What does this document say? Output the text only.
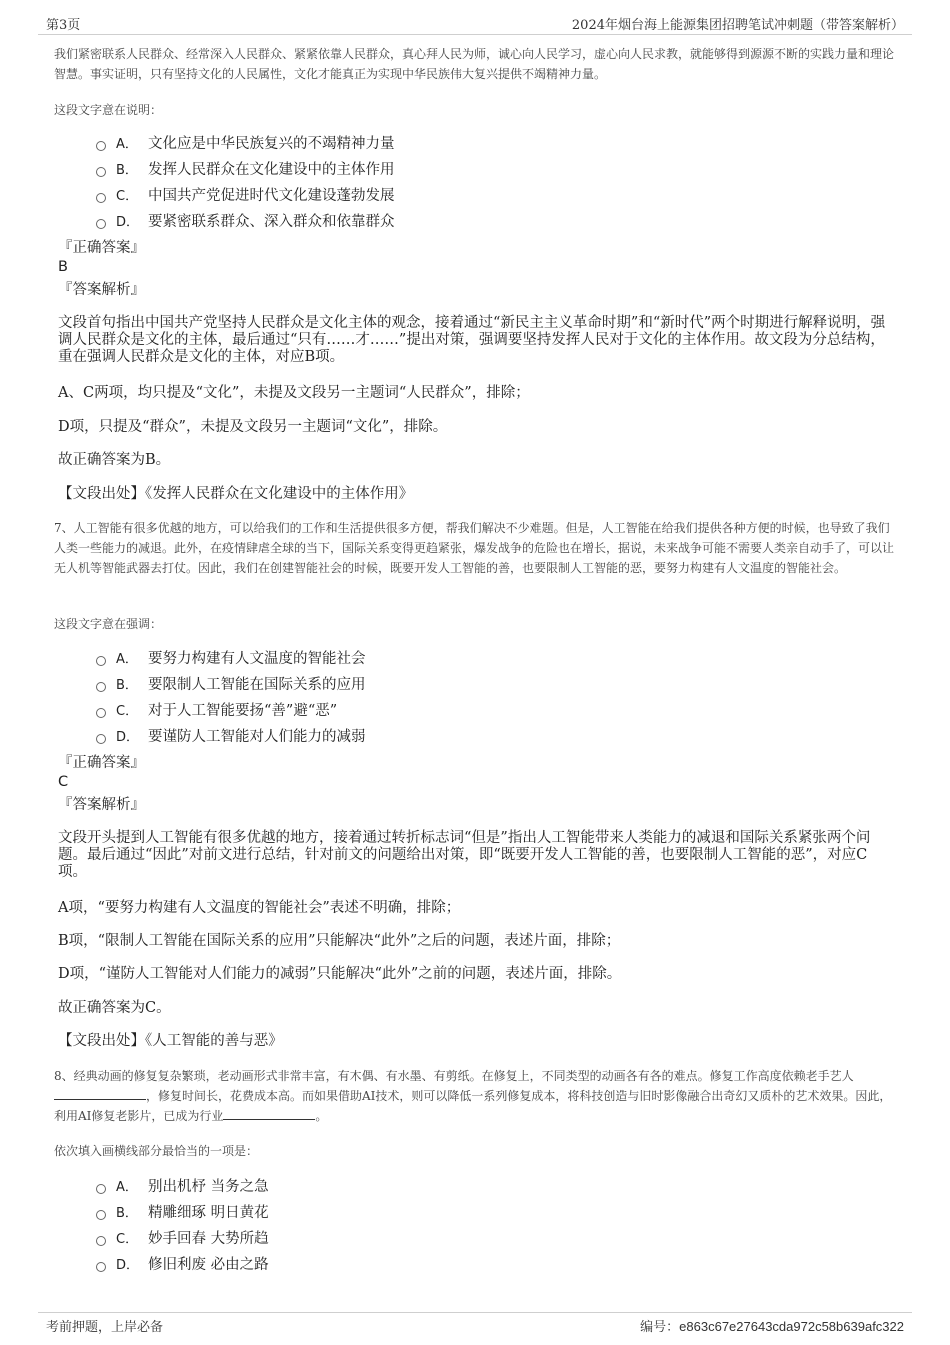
第3页	2024年烟台海上能源集团招聘笔试冲刺题（带答案解析）
我们紧密联系人民群众、经常深入人民群众、紧紧依靠人民群众，真心拜人民为师，诚心向人民学习，虚心向人民求教，就能够得到源源不断的实践力量和理论智慧。事实证明，只有坚持文化的人民属性，文化才能真正为实现中华民族伟大复兴提供不竭精神力量。
这段文字意在说明：
A． 文化应是中华民族复兴的不竭精神力量
B． 发挥人民群众在文化建设中的主体作用
C． 中国共产党促进时代文化建设蓬勃发展
D． 要紧密联系群众、深入群众和依靠群众
『正确答案』
B
『答案解析』
文段首句指出中国共产党坚持人民群众是文化主体的观念，接着通过“新民主主义革命时期”和“新时代”两个时期进行解释说明，强调人民群众是文化的主体，最后通过“只有……才……”提出对策，强调要坚持发挥人民对于文化的主体作用。故文段为分总结构，重在强调人民群众是文化的主体，对应B项。
A、C两项，均只提及“文化”，未提及文段另一主题词“人民群众”，排除；
D项，只提及“群众”，未提及文段另一主题词“文化”，排除。
故正确答案为B。
【文段出处】《发挥人民群众在文化建设中的主体作用》
7、人工智能有很多优越的地方，可以给我们的工作和生活提供很多方便，帮我们解决不少难题。但是，人工智能在给我们提供各种方便的时候，也导致了我们人类一些能力的减退。此外，在疫情肆虐全球的当下，国际关系变得更趋紧张，爆发战争的危险也在增长，据说，未来战争可能不需要人类亲自动手了，可以让无人机等智能武器去打仗。因此，我们在创建智能社会的时候，既要开发人工智能的善，也要限制人工智能的恶，要努力构建有人文温度的智能社会。
这段文字意在强调：
A． 要努力构建有人文温度的智能社会
B． 要限制人工智能在国际关系的应用
C． 对于人工智能要扬“善”避“恶”
D． 要谨防人工智能对人们能力的减弱
『正确答案』
C
『答案解析』
文段开头提到人工智能有很多优越的地方，接着通过转折标志词“但是”指出人工智能带来人类能力的减退和国际关系紧张两个问题。最后通过“因此”对前文进行总结，针对前文的问题给出对策，即“既要开发人工智能的善，也要限制人工智能的恶”，对应C项。
A项，“要努力构建有人文温度的智能社会”表述不明确，排除；
B项，“限制人工智能在国际关系的应用”只能解决“此外”之后的问题，表述片面，排除；
D项，“谨防人工智能对人们能力的减弱”只能解决“此外”之前的问题，表述片面，排除。
故正确答案为C。
【文段出处】《人工智能的善与恶》
8、经典动画的修复复杂繁琐，老动画形式非常丰富，有木偶、有水墨、有剪纸。在修复上，不同类型的动画各有各的难点。修复工作高度依赖老手艺人，修复时间长，花费成本高。而如果借助AI技术，则可以降低一系列修复成本，将科技创造与旧时影像融合出奇幻又质朴的艺术效果。因此，利用AI修复老影片，已成为行业	。
依次填入画横线部分最恰当的一项是：
A． 别出机杼 当务之急
B． 精雕细琢 明日黄花
C． 妙手回春 大势所趋
D． 修旧利废 必由之路
考前押题，上岸必备	编号：e863c67e27643cda972c58b639afc322
